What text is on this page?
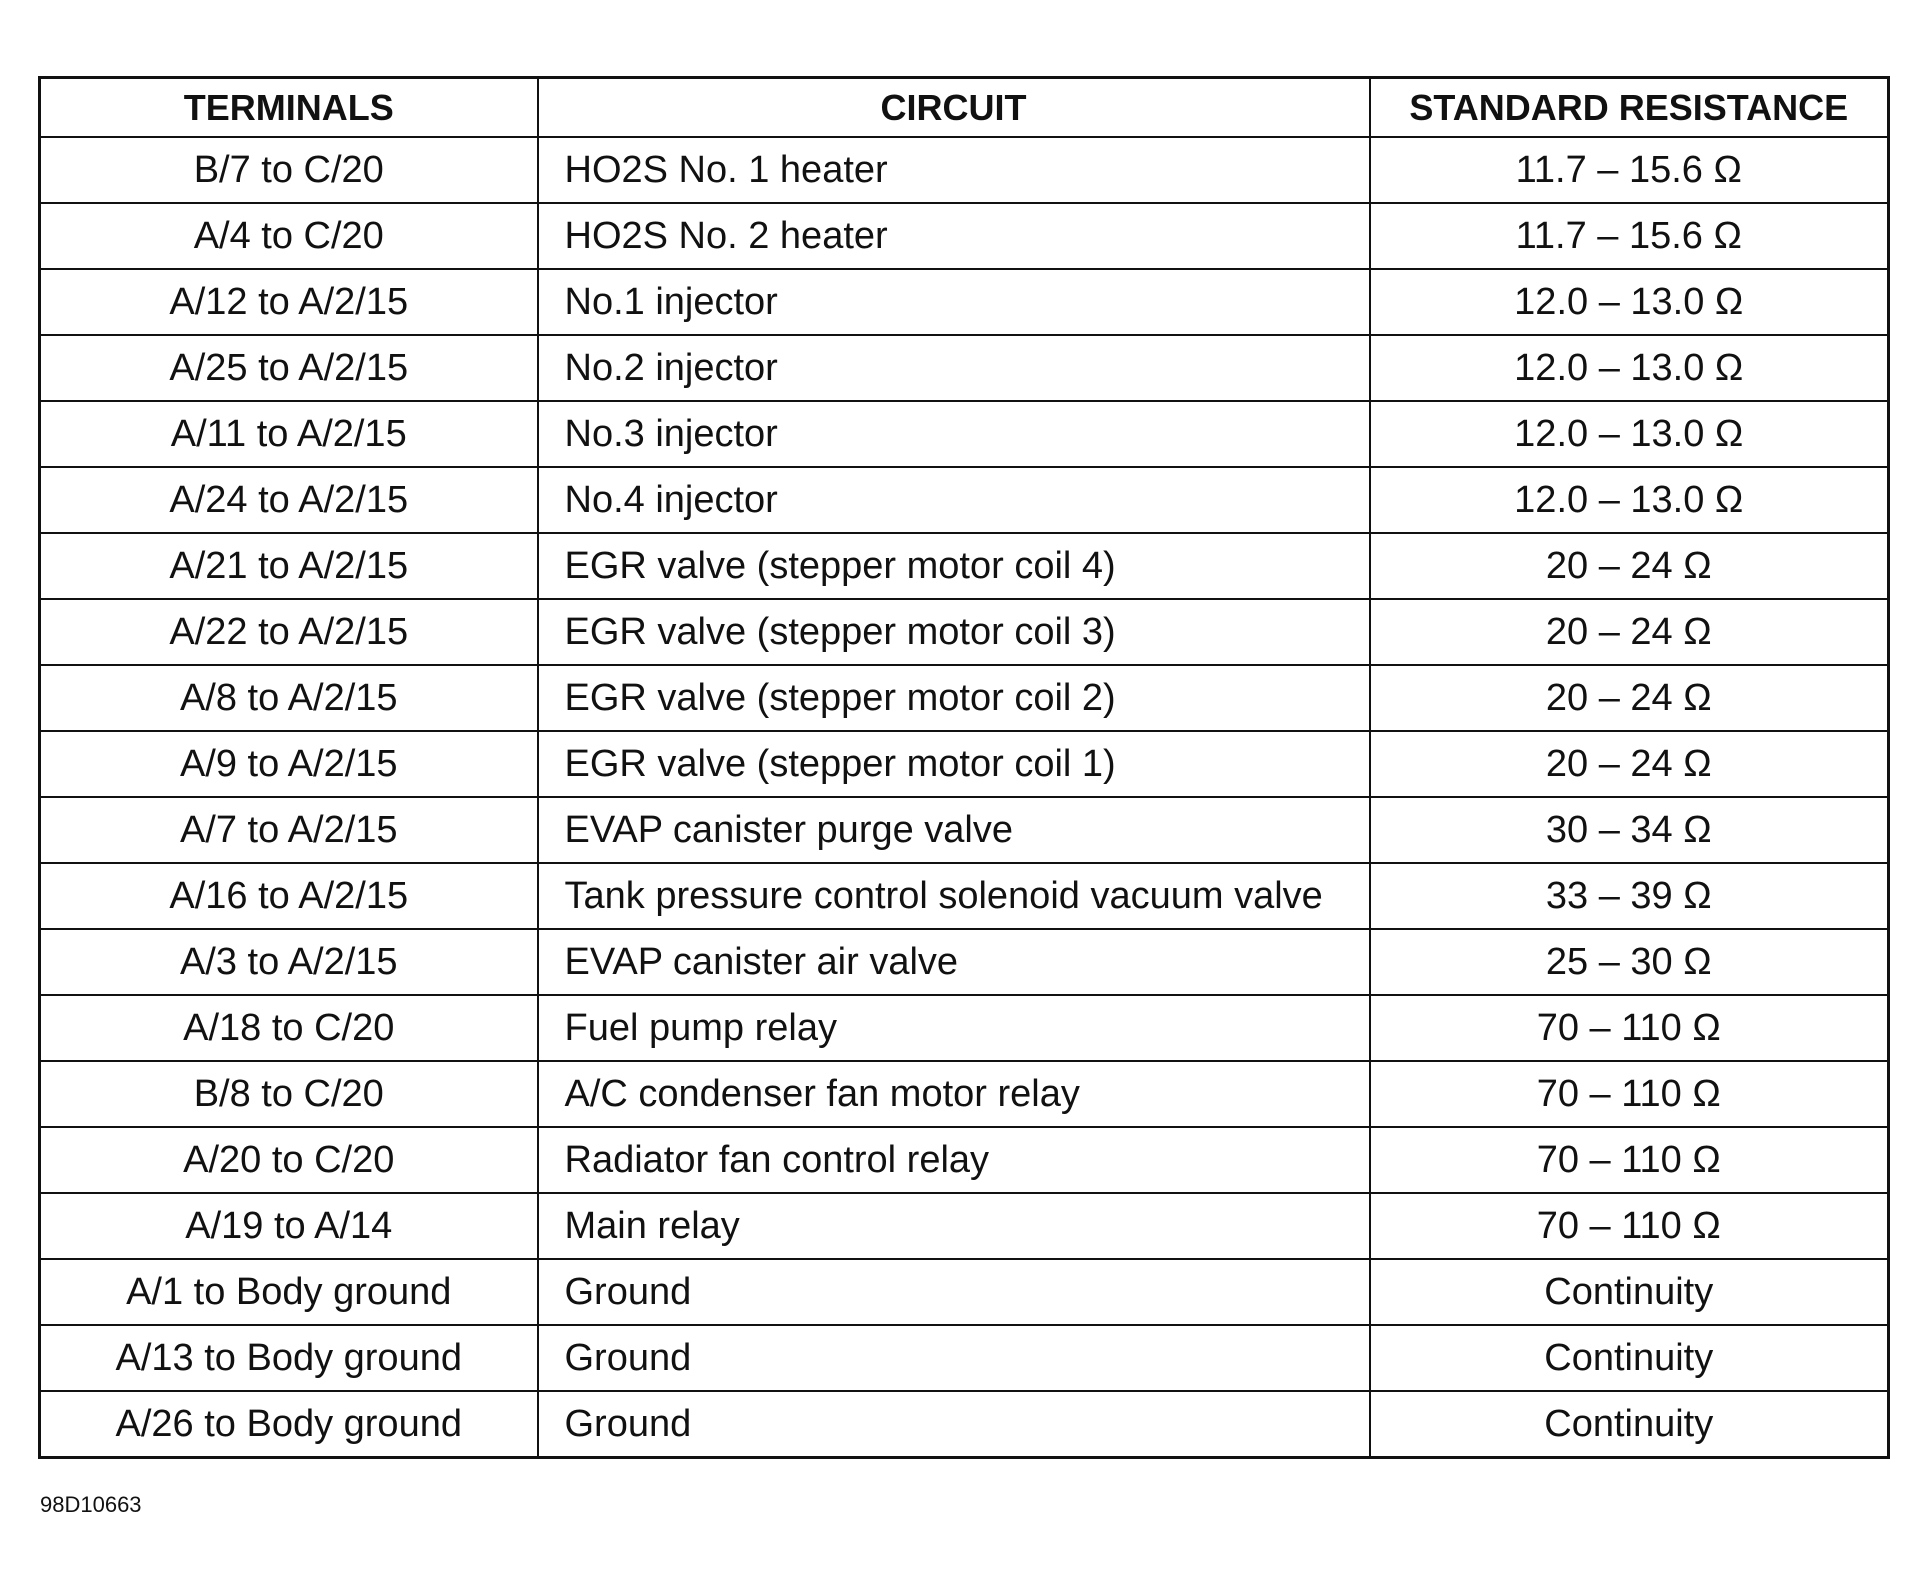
TERMINALS	CIRCUIT	STANDARD RESISTANCE
B/7 to C/20	HO2S No. 1 heater	11.7 – 15.6 Ω
A/4 to C/20	HO2S No. 2 heater	11.7 – 15.6 Ω
A/12 to A/2/15	No.1 injector	12.0 – 13.0 Ω
A/25 to A/2/15	No.2 injector	12.0 – 13.0 Ω
A/11 to A/2/15	No.3 injector	12.0 – 13.0 Ω
A/24 to A/2/15	No.4 injector	12.0 – 13.0 Ω
A/21 to A/2/15	EGR valve (stepper motor coil 4)	20 – 24 Ω
A/22 to A/2/15	EGR valve (stepper motor coil 3)	20 – 24 Ω
A/8 to A/2/15	EGR valve (stepper motor coil 2)	20 – 24 Ω
A/9 to A/2/15	EGR valve (stepper motor coil 1)	20 – 24 Ω
A/7 to A/2/15	EVAP canister purge valve	30 – 34 Ω
A/16 to A/2/15	Tank pressure control solenoid vacuum valve	33 – 39 Ω
A/3 to A/2/15	EVAP canister air valve	25 – 30 Ω
A/18 to C/20	Fuel pump relay	70 – 110 Ω
B/8 to C/20	A/C condenser fan motor relay	70 – 110 Ω
A/20 to C/20	Radiator fan control relay	70 – 110 Ω
A/19 to A/14	Main relay	70 – 110 Ω
A/1 to Body ground	Ground	Continuity
A/13 to Body ground	Ground	Continuity
A/26 to Body ground	Ground	Continuity
98D10663
